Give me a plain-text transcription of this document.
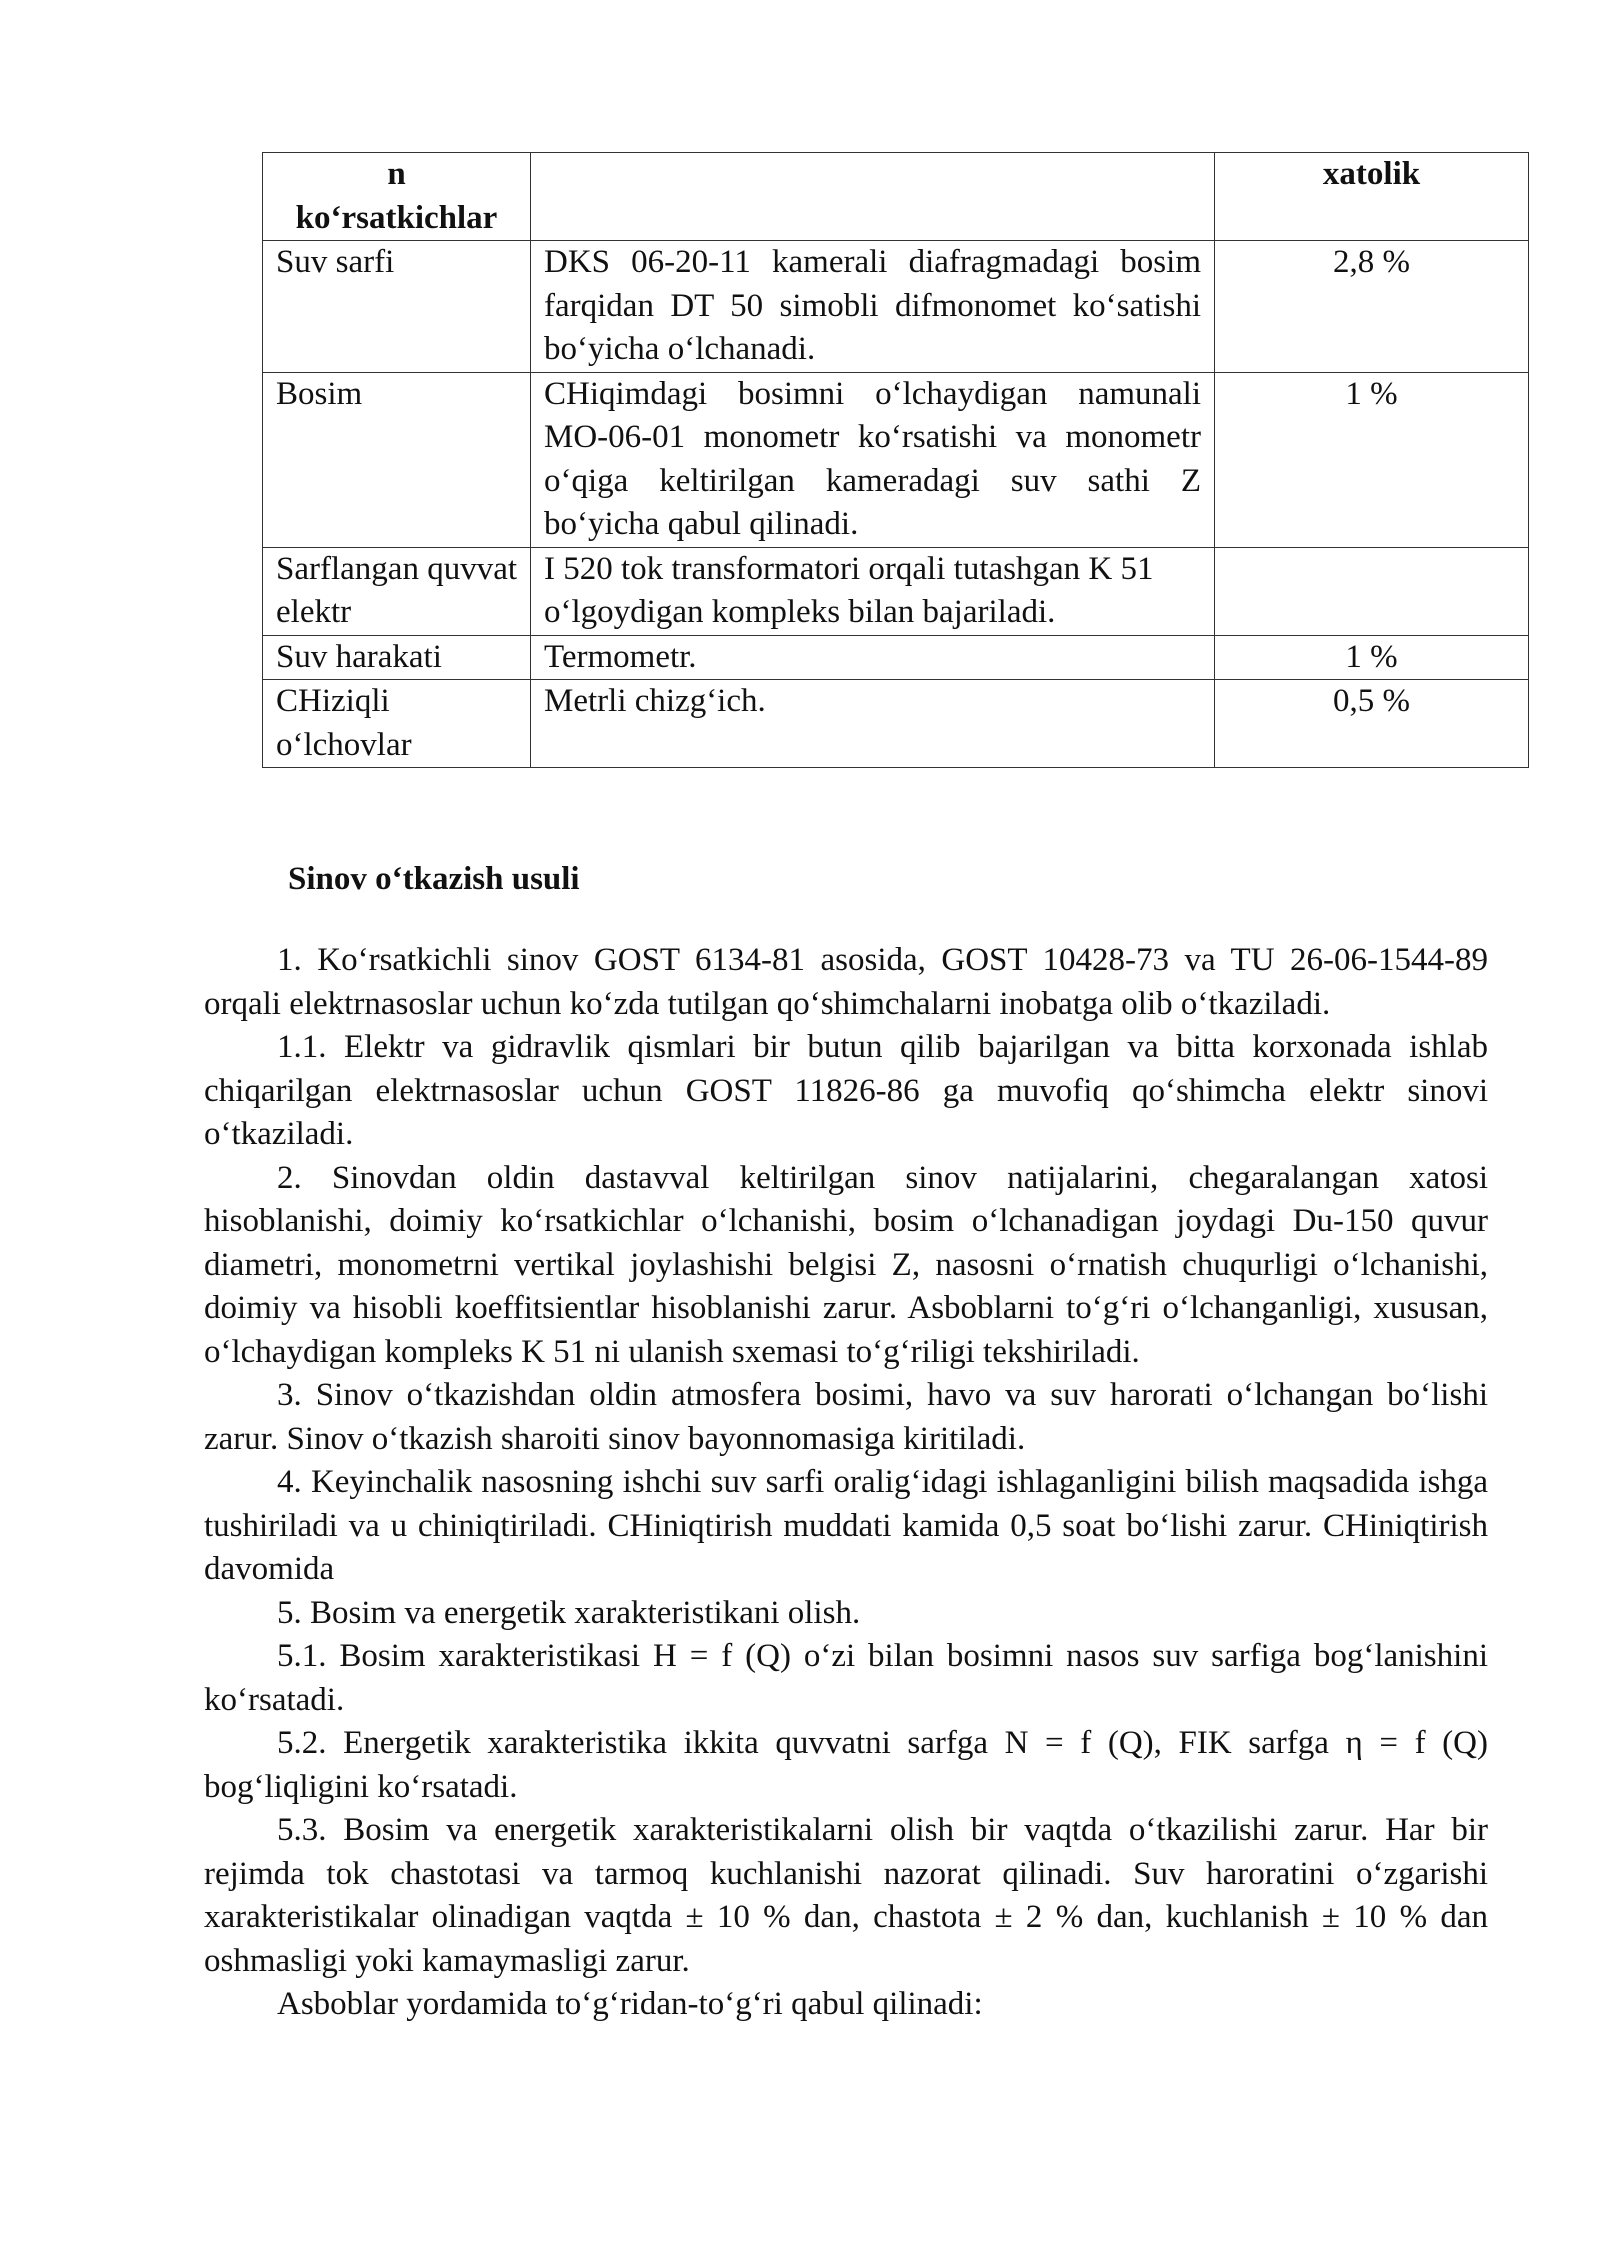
n
ko‘rsatkichlar		xatolik
Suv sarfi	DKS 06-20-11 kamerali diafragmadagi bosim farqidan DT 50 simobli difmonomet ko‘satishi bo‘yicha o‘lchanadi.	2,8 %
Bosim	CHiqimdagi bosimni o‘lchaydigan namunali MO-06-01 monometr ko‘rsatishi va monometr o‘qiga keltirilgan kameradagi suv sathi Z bo‘yicha qabul qilinadi.	1 %
Sarflangan quvvat elektr	I 520 tok transformatori orqali tutashgan K 51 o‘lgoydigan kompleks bilan bajariladi.	
Suv harakati	Termometr.	1 %
CHiziqli o‘lchovlar	Metrli chizg‘ich.	0,5 %
Sinov o‘tkazish usuli

1. Ko‘rsatkichli sinov GOST 6134-81 asosida, GOST 10428-73 va TU 26-06-1544-89 orqali elektrnasoslar uchun ko‘zda tutilgan qo‘shimchalarni inobatga olib o‘tkaziladi.

1.1. Elektr va gidravlik qismlari bir butun qilib bajarilgan va bitta korxonada ishlab chiqarilgan elektrnasoslar uchun GOST 11826-86 ga muvofiq qo‘shimcha elektr sinovi o‘tkaziladi.

2. Sinovdan oldin dastavval keltirilgan sinov natijalarini, chegaralangan xatosi hisoblanishi, doimiy ko‘rsatkichlar o‘lchanishi, bosim o‘lchanadigan joydagi Du-150 quvur diametri, monometrni vertikal joylashishi belgisi Z, nasosni o‘rnatish chuqurligi o‘lchanishi, doimiy va hisobli koeffitsientlar hisoblanishi zarur. Asboblarni to‘g‘ri o‘lchanganligi, xususan, o‘lchaydigan kompleks K 51 ni ulanish sxemasi to‘g‘riligi tekshiriladi.

3. Sinov o‘tkazishdan oldin atmosfera bosimi, havo va suv harorati o‘lchangan bo‘lishi zarur. Sinov o‘tkazish sharoiti sinov bayonnomasiga kiritiladi.

4. Keyinchalik nasosning ishchi suv sarfi oralig‘idagi ishlaganligini bilish maqsadida ishga tushiriladi va u chiniqtiriladi. CHiniqtirish muddati kamida 0,5 soat bo‘lishi zarur. CHiniqtirish davomida

5. Bosim va energetik xarakteristikani olish.

5.1. Bosim xarakteristikasi H = f (Q) o‘zi bilan bosimni nasos suv sarfiga bog‘lanishini ko‘rsatadi.

5.2. Energetik xarakteristika ikkita quvvatni sarfga N = f (Q), FIK sarfga η = f (Q) bog‘liqligini ko‘rsatadi.

5.3. Bosim va energetik xarakteristikalarni olish bir vaqtda o‘tkazilishi zarur. Har bir rejimda tok chastotasi va tarmoq kuchlanishi nazorat qilinadi. Suv haroratini o‘zgarishi xarakteristikalar olinadigan vaqtda ± 10 % dan, chastota ± 2 % dan, kuchlanish ± 10 % dan oshmasligi yoki kamaymasligi zarur.

Asboblar yordamida to‘g‘ridan-to‘g‘ri qabul qilinadi:
